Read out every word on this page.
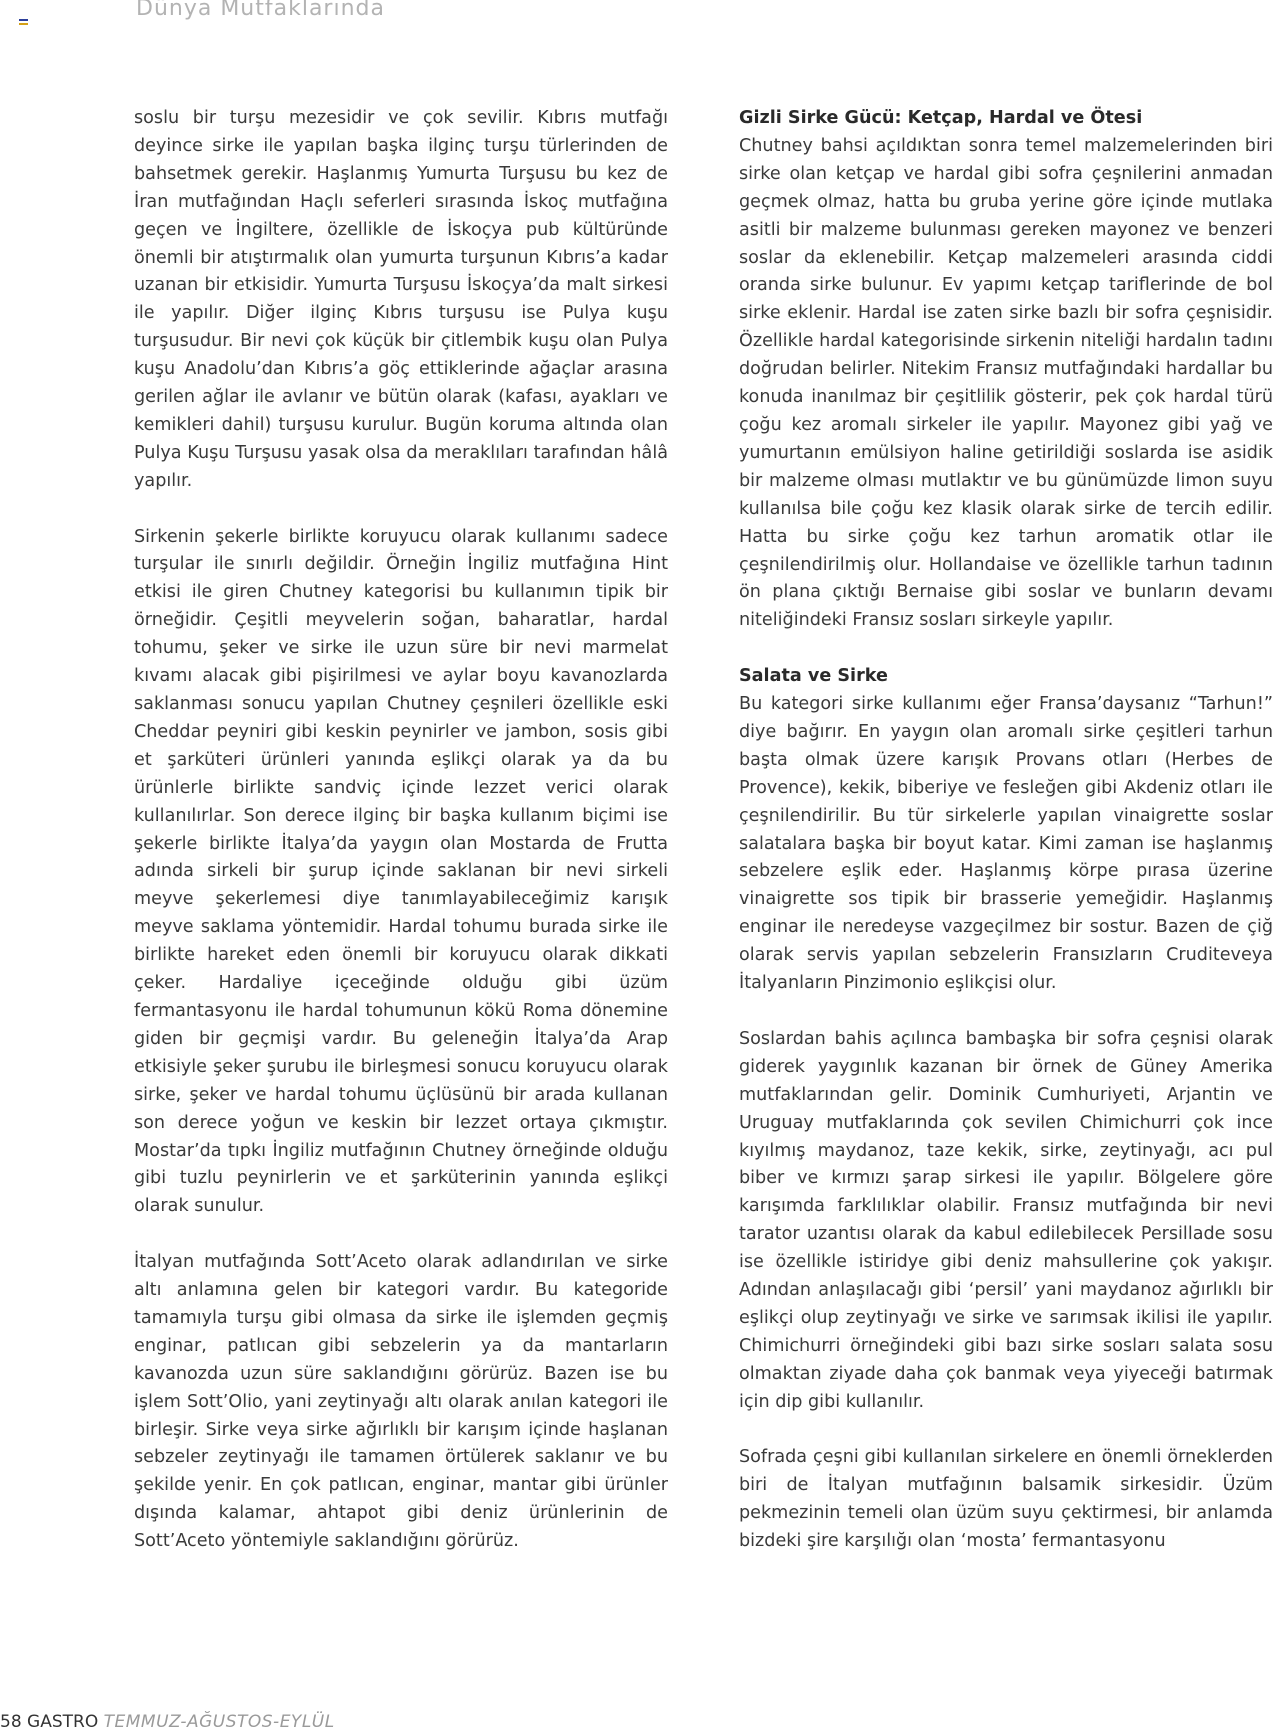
Dünya Mutfaklarında

soslu bir turşu mezesidir ve çok sevilir. Kıbrıs mutfağı deyince sirke ile yapılan başka ilginç turşu türlerinden de bahsetmek gerekir. Haşlanmış Yumurta Turşusu bu kez de İran mutfağından Haçlı seferleri sırasında İskoç mutfağına geçen ve İngiltere, özellikle de İskoçya pub kültüründe önemli bir atıştırmalık olan yumurta turşunun Kıbrıs’a kadar uzanan bir etkisidir. Yumurta Turşusu İskoçya’da malt sirkesi ile yapılır. Diğer ilginç Kıbrıs turşusu ise Pulya kuşu turşusudur. Bir nevi çok küçük bir çitlembik kuşu olan Pulya kuşu Anadolu’dan Kıbrıs’a göç ettiklerinde ağaçlar arasına gerilen ağlar ile avlanır ve bütün olarak (kafası, ayakları ve kemikleri dahil) turşusu kurulur. Bugün koruma altında olan Pulya Kuşu Turşusu yasak olsa da meraklıları tarafından hâlâ yapılır.

Sirkenin şekerle birlikte koruyucu olarak kullanımı sadece turşular ile sınırlı değildir. Örneğin İngiliz mutfağına Hint etkisi ile giren Chutney kategorisi bu kullanımın tipik bir örneğidir. Çeşitli meyvelerin soğan, baharatlar, hardal tohumu, şeker ve sirke ile uzun süre bir nevi marmelat kıvamı alacak gibi pişirilmesi ve aylar boyu kavanozlarda saklanması sonucu yapılan Chutney çeşnileri özellikle eski Cheddar peyniri gibi keskin peynirler ve jambon, sosis gibi et şarküteri ürünleri yanında eşlikçi olarak ya da bu ürünlerle birlikte sandviç içinde lezzet verici olarak kullanılırlar. Son derece ilginç bir başka kullanım biçimi ise şekerle birlikte İtalya’da yaygın olan Mostarda de Frutta adında sirkeli bir şurup içinde saklanan bir nevi sirkeli meyve şekerlemesi diye tanımlayabileceğimiz karışık meyve saklama yöntemidir. Hardal tohumu burada sirke ile birlikte hareket eden önemli bir koruyucu olarak dikkati çeker. Hardaliye içeceğinde olduğu gibi üzüm fermantasyonu ile hardal tohumunun kökü Roma dönemine giden bir geçmişi vardır. Bu geleneğin İtalya’da Arap etkisiyle şeker şurubu ile birleşmesi sonucu koruyucu olarak sirke, şeker ve hardal tohumu üçlüsünü bir arada kullanan son derece yoğun ve keskin bir lezzet ortaya çıkmıştır. Mostar’da tıpkı İngiliz mutfağının Chutney örneğinde olduğu gibi tuzlu peynirlerin ve et şarküterinin yanında eşlikçi olarak sunulur.

İtalyan mutfağında Sott’Aceto olarak adlandırılan ve sirke altı anlamına gelen bir kategori vardır. Bu kategoride tamamıyla turşu gibi olmasa da sirke ile işlemden geçmiş enginar, patlıcan gibi sebzelerin ya da mantarların kavanozda uzun süre saklandığını görürüz. Bazen ise bu işlem Sott’Olio, yani zeytinyağı altı olarak anılan kategori ile birleşir. Sirke veya sirke ağırlıklı bir karışım içinde haşlanan sebzeler zeytinyağı ile tamamen örtülerek saklanır ve bu şekilde yenir. En çok patlıcan, enginar, mantar gibi ürünler dışında kalamar, ahtapot gibi deniz ürünlerinin de Sott’Aceto yöntemiyle saklandığını görürüz.

Gizli Sirke Gücü: Ketçap, Hardal ve Ötesi

Chutney bahsi açıldıktan sonra temel malzemelerinden biri sirke olan ketçap ve hardal gibi sofra çeşnilerini anmadan geçmek olmaz, hatta bu gruba yerine göre içinde mutlaka asitli bir malzeme bulunması gereken mayonez ve benzeri soslar da eklenebilir. Ketçap malzemeleri arasında ciddi oranda sirke bulunur. Ev yapımı ketçap tariflerinde de bol sirke eklenir. Hardal ise zaten sirke bazlı bir sofra çeşnisidir. Özellikle hardal kategorisinde sirkenin niteliği hardalın tadını doğrudan belirler. Nitekim Fransız mutfağındaki hardallar bu konuda inanılmaz bir çeşitlilik gösterir, pek çok hardal türü çoğu kez aromalı sirkeler ile yapılır. Mayonez gibi yağ ve yumurtanın emülsiyon haline getirildiği soslarda ise asidik bir malzeme olması mutlaktır ve bu günümüzde limon suyu kullanılsa bile çoğu kez klasik olarak sirke de tercih edilir. Hatta bu sirke çoğu kez tarhun aromatik otlar ile çeşnilendirilmiş olur. Hollandaise ve özellikle tarhun tadının ön plana çıktığı Bernaise gibi soslar ve bunların devamı niteliğindeki Fransız sosları sirkeyle yapılır.

Salata ve Sirke

Bu kategori sirke kullanımı eğer Fransa’daysanız “Tarhun!” diye bağırır. En yaygın olan aromalı sirke çeşitleri tarhun başta olmak üzere karışık Provans otları (Herbes de Provence), kekik, biberiye ve fesleğen gibi Akdeniz otları ile çeşnilendirilir. Bu tür sirkelerle yapılan vinaigrette soslar salatalara başka bir boyut katar. Kimi zaman ise haşlanmış sebzelere eşlik eder. Haşlanmış körpe pırasa üzerine vinaigrette sos tipik bir brasserie yemeğidir. Haşlanmış enginar ile neredeyse vazgeçilmez bir sostur. Bazen de çiğ olarak servis yapılan sebzelerin Fransızların Cruditeveya İtalyanların Pinzimonio eşlikçisi olur.

Soslardan bahis açılınca bambaşka bir sofra çeşnisi olarak giderek yaygınlık kazanan bir örnek de Güney Amerika mutfaklarından gelir. Dominik Cumhuriyeti, Arjantin ve Uruguay mutfaklarında çok sevilen Chimichurri çok ince kıyılmış maydanoz, taze kekik, sirke, zeytinyağı, acı pul biber ve kırmızı şarap sirkesi ile yapılır. Bölgelere göre karışımda farklılıklar olabilir. Fransız mutfağında bir nevi tarator uzantısı olarak da kabul edilebilecek Persillade sosu ise özellikle istiridye gibi deniz mahsullerine çok yakışır. Adından anlaşılacağı gibi ‘persil’ yani maydanoz ağırlıklı bir eşlikçi olup zeytinyağı ve sirke ve sarımsak ikilisi ile yapılır. Chimichurri örneğindeki gibi bazı sirke sosları salata sosu olmaktan ziyade daha çok banmak veya yiyeceği batırmak için dip gibi kullanılır.

Sofrada çeşni gibi kullanılan sirkelere en önemli örneklerden biri de İtalyan mutfağının balsamik sirkesidir. Üzüm pekmezinin temeli olan üzüm suyu çektirmesi, bir anlamda bizdeki şire karşılığı olan ‘mosta’ fermantasyonu

58 GASTRO TEMMUZ-AĞUSTOS-EYLÜL
